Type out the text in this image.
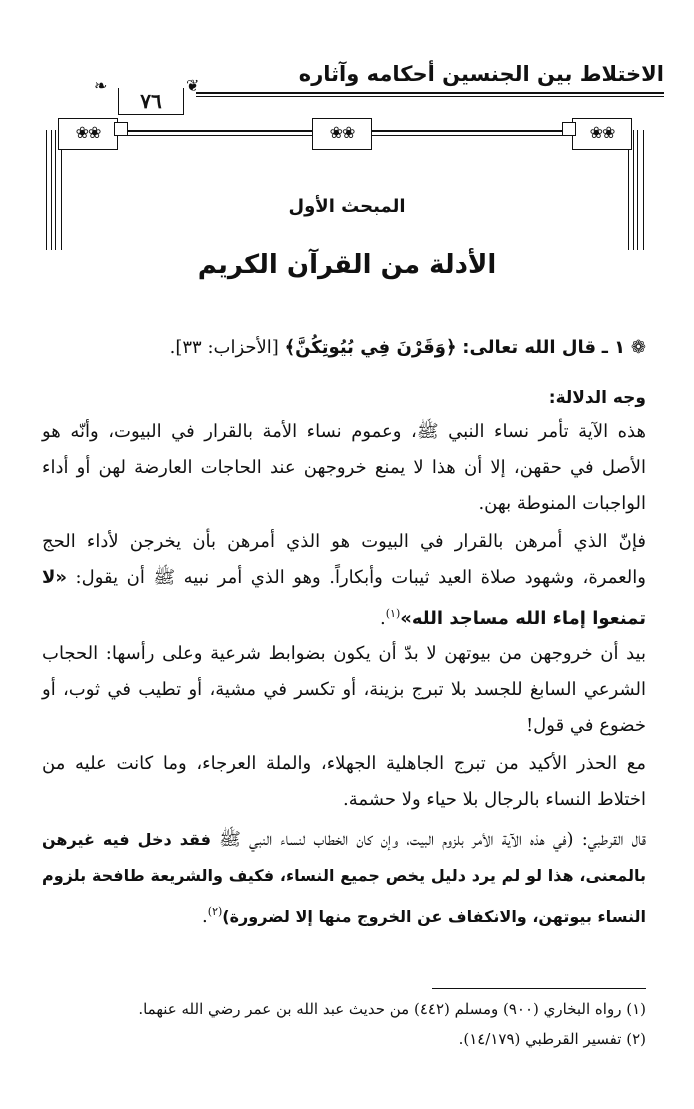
الاختلاط بين الجنسين أحكامه وآثاره
٧٦
❦
❧
❀❀	❀❀	❀❀
المبحث الأول
الأدلة من القرآن الكريم

❁ ١ ـ قال الله تعالى: ﴿وَقَرْنَ فِي بُيُوتِكُنَّ﴾ [الأحزاب: ٣٣].

وجه الدلالة:

هذه الآية تأمر نساء النبي ﷺ، وعموم نساء الأمة بالقرار في البيوت، وأنّه هو الأصل في حقهن، إلا أن هذا لا يمنع خروجهن عند الحاجات العارضة لهن أو أداء الواجبات المنوطة بهن.

فإنّ الذي أمرهن بالقرار في البيوت هو الذي أمرهن بأن يخرجن لأداء الحج والعمرة، وشهود صلاة العيد ثيبات وأبكاراً. وهو الذي أمر نبيه ﷺ أن يقول: «لا تمنعوا إماء الله مساجد الله»$^{(١)}$.

بيد أن خروجهن من بيوتهن لا بدّ أن يكون بضوابط شرعية وعلى رأسها: الحجاب الشرعي السابغ للجسد بلا تبرج بزينة، أو تكسر في مشية، أو تطيب في ثوب، أو خضوع في قول!

مع الحذر الأكيد من تبرج الجاهلية الجهلاء، والملة العرجاء، وما كانت عليه من اختلاط النساء بالرجال بلا حياء ولا حشمة.

قال القرطبي: (في هذه الآية الأمر بلزوم البيت، وإن كان الخطاب لنساء النبي ﷺ فقد دخل فيه غيرهن بالمعنى، هذا لو لم يرد دليل يخص جميع النساء، فكيف والشريعة طافحة بلزوم النساء بيوتهن، والانكفاف عن الخروج منها إلا لضرورة)$^{(٢)}$.

(١) رواه البخاري (٩٠٠) ومسلم (٤٤٢) من حديث عبد الله بن عمر رضي الله عنهما.
(٢) تفسير القرطبي (١٤/١٧٩).
